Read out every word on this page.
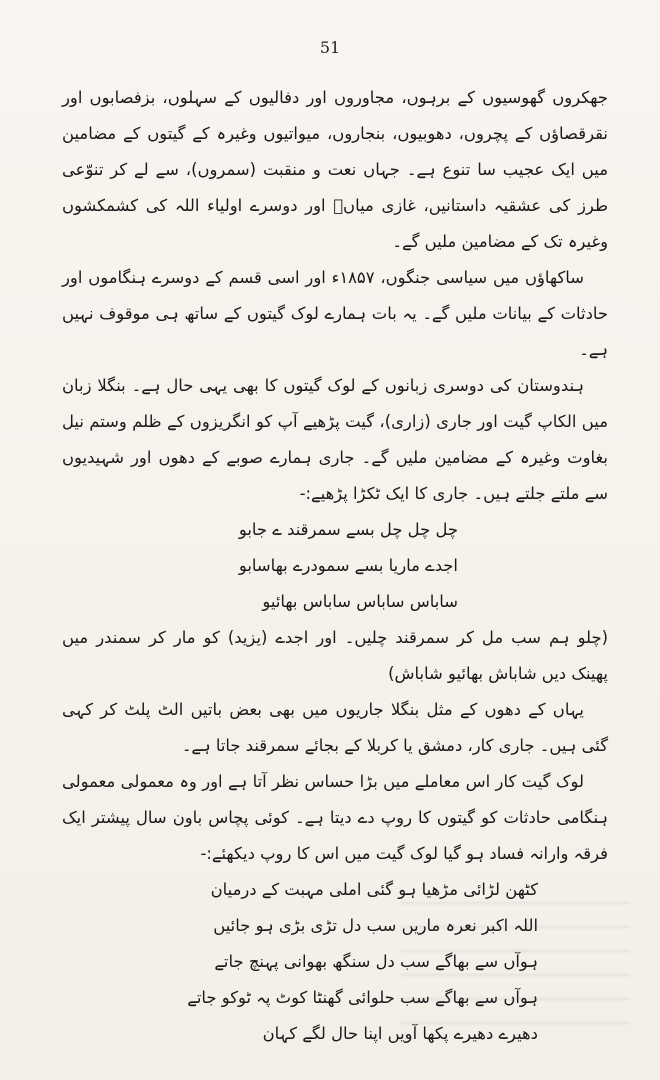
51

جھکروں گھوسیوں کے برہوں، مجاوروں اور دفالیوں کے سہلوں، بزفصابوں اور نقرقصاؤں کے پچروں، دھوبیوں، بنجاروں، میواتیوں وغیرہ کے گیتوں کے مضامین میں ایک عجیب سا تنوع ہے۔ جہاں نعت و منقبت (سمروں)، سے لے کر تنوّعی طرز کی عشقیہ داستانیں، غازی میاںؒ اور دوسرے اولیاء اللہ کی کشمکشوں وغیرہ تک کے مضامین ملیں گے۔

ساکھاؤں میں سیاسی جنگوں، ۱۸۵۷ء اور اسی قسم کے دوسرے ہنگاموں اور حادثات کے بیانات ملیں گے۔ یہ بات ہمارے لوک گیتوں کے ساتھ ہی موقوف نہیں ہے۔

ہندوستان کی دوسری زبانوں کے لوک گیتوں کا بھی یہی حال ہے۔ بنگلا زبان میں الکاپ گیت اور جاری (زاری)، گیت پڑھیے آپ کو انگریزوں کے ظلم وستم نیل بغاوت وغیرہ کے مضامین ملیں گے۔ جاری ہمارے صوبے کے دھوں اور شہیدیوں سے ملتے جلتے ہیں۔ جاری کا ایک ٹکڑا پڑھیے:-

چل چل چل بسے سمرقند ے جابو

اجدے ماریا بسے سمودرے بھاسابو

ساباس ساباس ساباس بھائیو

(چلو ہم سب مل کر سمرقند چلیں۔ اور اجدے (یزید) کو مار کر سمندر میں پھینک دیں شاباش بھائیو شاباش)

یہاں کے دھوں کے مثل بنگلا جاریوں میں بھی بعض باتیں الٹ پلٹ کر کہی گئی ہیں۔ جاری کار، دمشق یا کربلا کے بجائے سمرقند جاتا ہے۔

لوک گیت کار اس معاملے میں بڑا حساس نظر آتا ہے اور وہ معمولی معمولی ہنگامی حادثات کو گیتوں کا روپ دے دیتا ہے۔ کوئی پچاس باون سال پیشتر ایک فرقہ وارانہ فساد ہو گیا لوک گیت میں اس کا روپ دیکھئے:-

کٹھن لڑائی مڑھیا ہو گئی املی مہبت کے درمیان

اللہ اکبر نعرہ ماریں سب دل تڑی بڑی ہو جائیں

ہوآں سے بھاگے سب دل سنگھ بھوانی پہنچ جاتے

ہوآں سے بھاگے سب حلوائی گھنٹا کوٹ پہ ٹوکو جاتے

دھیرے دھیرے پکھا آویں اپنا حال لگے کہان
